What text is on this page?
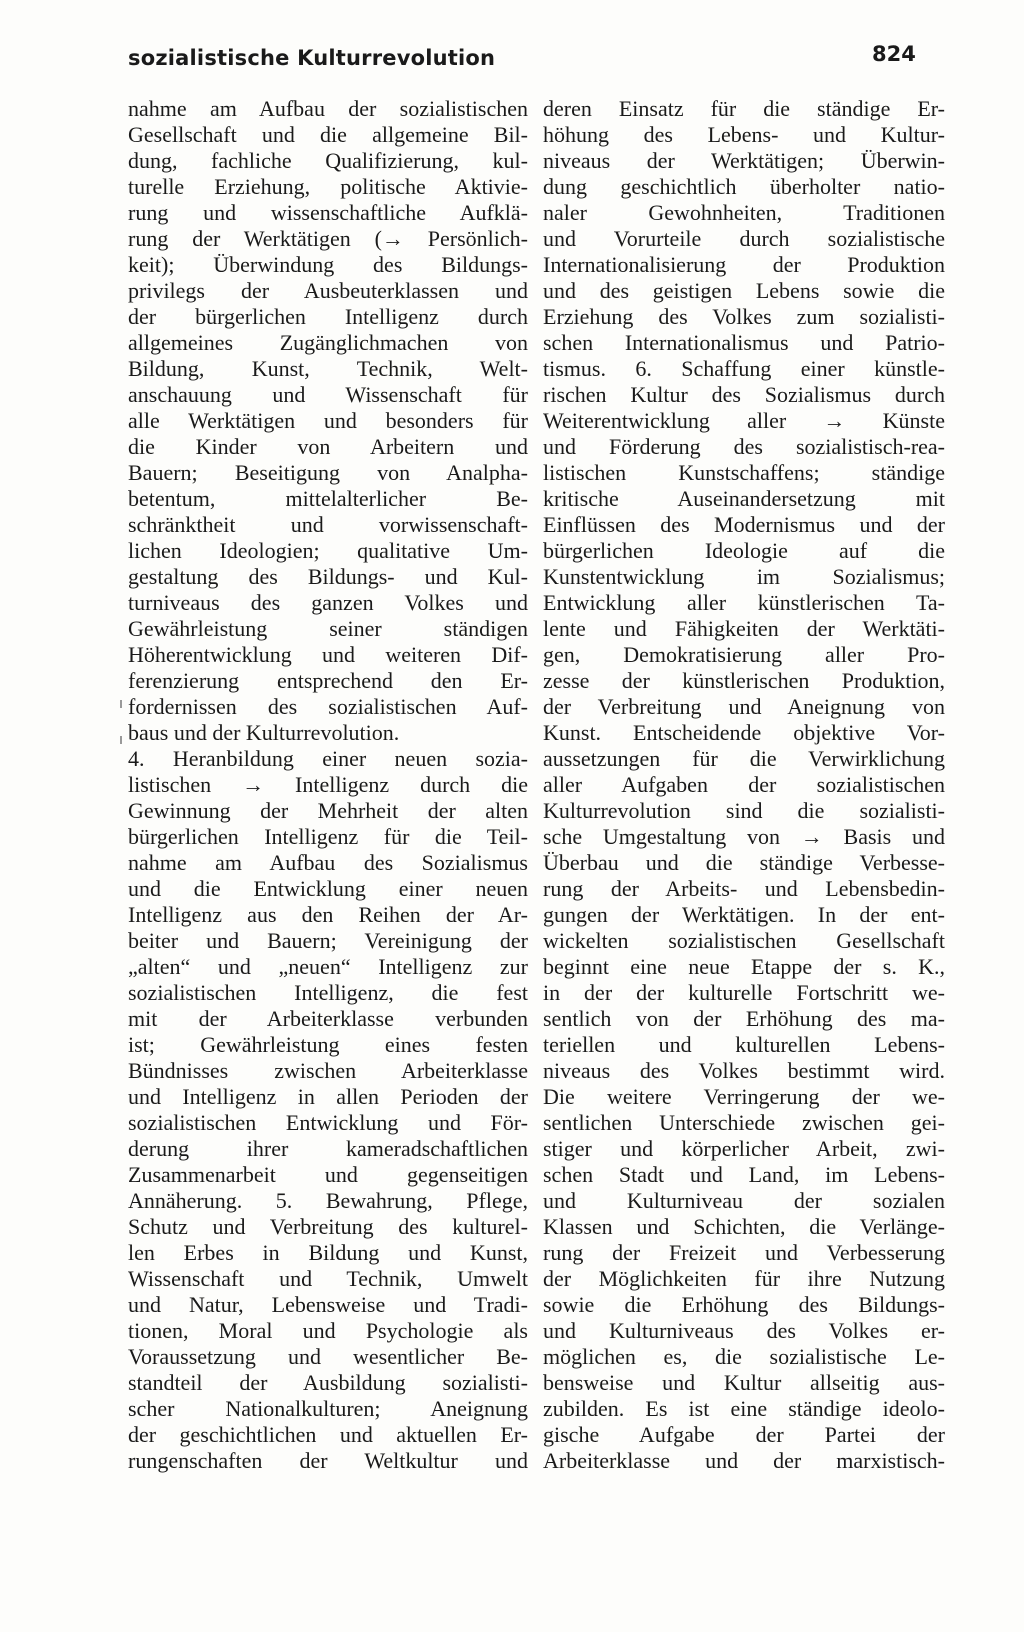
sozialistische Kulturrevolution	824
nahme am Aufbau der sozialistischen
Gesellschaft und die allgemeine Bil-
dung, fachliche Qualifizierung, kul-
turelle Erziehung, politische Aktivie-
rung und wissenschaftliche Aufklä-
rung der Werktätigen (→ Persönlich-
keit); Überwindung des Bildungs-
privilegs der Ausbeuterklassen und
der bürgerlichen Intelligenz durch
allgemeines Zugänglichmachen von
Bildung, Kunst, Technik, Welt-
anschauung und Wissenschaft für
alle Werktätigen und besonders für
die Kinder von Arbeitern und
Bauern; Beseitigung von Analpha-
betentum, mittelalterlicher Be-
schränktheit und vorwissenschaft-
lichen Ideologien; qualitative Um-
gestaltung des Bildungs- und Kul-
turniveaus des ganzen Volkes und
Gewährleistung seiner ständigen
Höherentwicklung und weiteren Dif-
ferenzierung entsprechend den Er-
fordernissen des sozialistischen Auf-
baus und der Kulturrevolution.
4. Heranbildung einer neuen sozia-
listischen → Intelligenz durch die
Gewinnung der Mehrheit der alten
bürgerlichen Intelligenz für die Teil-
nahme am Aufbau des Sozialismus
und die Entwicklung einer neuen
Intelligenz aus den Reihen der Ar-
beiter und Bauern; Vereinigung der
„alten“ und „neuen“ Intelligenz zur
sozialistischen Intelligenz, die fest
mit der Arbeiterklasse verbunden
ist; Gewährleistung eines festen
Bündnisses zwischen Arbeiterklasse
und Intelligenz in allen Perioden der
sozialistischen Entwicklung und För-
derung ihrer kameradschaftlichen
Zusammenarbeit und gegenseitigen
Annäherung. 5. Bewahrung, Pflege,
Schutz und Verbreitung des kulturel-
len Erbes in Bildung und Kunst,
Wissenschaft und Technik, Umwelt
und Natur, Lebensweise und Tradi-
tionen, Moral und Psychologie als
Voraussetzung und wesentlicher Be-
standteil der Ausbildung sozialisti-
scher Nationalkulturen; Aneignung
der geschichtlichen und aktuellen Er-
rungenschaften der Weltkultur und
deren Einsatz für die ständige Er-
höhung des Lebens- und Kultur-
niveaus der Werktätigen; Überwin-
dung geschichtlich überholter natio-
naler Gewohnheiten, Traditionen
und Vorurteile durch sozialistische
Internationalisierung der Produktion
und des geistigen Lebens sowie die
Erziehung des Volkes zum sozialisti-
schen Internationalismus und Patrio-
tismus. 6. Schaffung einer künstle-
rischen Kultur des Sozialismus durch
Weiterentwicklung aller → Künste
und Förderung des sozialistisch-rea-
listischen Kunstschaffens; ständige
kritische Auseinandersetzung mit
Einflüssen des Modernismus und der
bürgerlichen Ideologie auf die
Kunstentwicklung im Sozialismus;
Entwicklung aller künstlerischen Ta-
lente und Fähigkeiten der Werktäti-
gen, Demokratisierung aller Pro-
zesse der künstlerischen Produktion,
der Verbreitung und Aneignung von
Kunst. Entscheidende objektive Vor-
aussetzungen für die Verwirklichung
aller Aufgaben der sozialistischen
Kulturrevolution sind die sozialisti-
sche Umgestaltung von → Basis und
Überbau und die ständige Verbesse-
rung der Arbeits- und Lebensbedin-
gungen der Werktätigen. In der ent-
wickelten sozialistischen Gesellschaft
beginnt eine neue Etappe der s. K.,
in der der kulturelle Fortschritt we-
sentlich von der Erhöhung des ma-
teriellen und kulturellen Lebens-
niveaus des Volkes bestimmt wird.
Die weitere Verringerung der we-
sentlichen Unterschiede zwischen gei-
stiger und körperlicher Arbeit, zwi-
schen Stadt und Land, im Lebens-
und Kulturniveau der sozialen
Klassen und Schichten, die Verlänge-
rung der Freizeit und Verbesserung
der Möglichkeiten für ihre Nutzung
sowie die Erhöhung des Bildungs-
und Kulturniveaus des Volkes er-
möglichen es, die sozialistische Le-
bensweise und Kultur allseitig aus-
zubilden. Es ist eine ständige ideolo-
gische Aufgabe der Partei der
Arbeiterklasse und der marxistisch-
